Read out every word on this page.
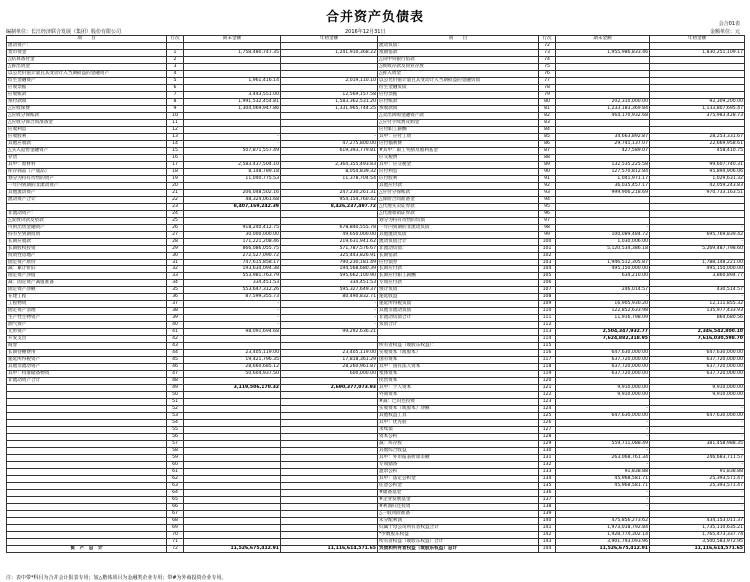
合并资产负债表	会合01表
编制单位：长江经济联合发展（集团）股份有限公司	2016年12月31日	金额单位：元
项　　目	行次	期末金额	年初金额	项　　目	行次	期末金额	年初金额
流动资产：				流动负债：	72		
货币资金	1	1,758,480,747.35	1,241,910,368.22	短期借款	73	1,955,986,833.46	1,830,251,109.17
△结算备付金	2			△向中央银行借款	74		
△拆出资金	3			△吸收存款及同业存放	75		
以公允价值计量且其变动计入当期损益的金融资产	4			△拆入资金	76		
衍生金融资产	5	1,961,416.14	2,019,110.10	以公允价值计量且其变动计入当期损益的金融负债	77		
应收票据	6			衍生金融负债	78		
应收账款	7	3,443,551.00	12,569,157.58	应付票据	79		
预付款项	8	1,991,532,454.81	1,583,362,531.20	应付账款	80	202,310,000.00	92,309,200.00
△应收保费	9	1,304,069,947.86	1,331,965,744.25	预收款项	81	1,233,183,369.84	1,133,807,695.47
△应收分保账款	10			△卖出回购金融资产款	82	464,170,932.68	375,983,428.73
△应收分保合同准备金	11			△应付手续费及佣金	83		
应收利息	12			应付职工薪酬	84		
应收股利	13	-	-	其中：应付工资	85	34,663,892.87	28,253,331.67
其他应收款	14	-	47,275,800.00	应付福利费	86	29,741,137.07	22,669,958.61
△买入返售金融资产	15	507,871,557.49	619,393,779.81	#其中：职工奖励及福利基金	87	427,589.07	458,410.75
存货	16			应交税费	88		
其中：原材料	17	2,583,437,504.10	2,364,355,493.83	其中：应交税金	89	132,535,225.58	99,607,740.31
库存商品（产成品）	18	8,148,789.18	8,054,839.32	应付利息	90	127,570,812.84	95,894,906.06
划分为持有待售的资产	19	11,040,775.53	11,378,704.54	应付股利	91	1,041,971.17	1,029,631.32
一年内到期的非流动资产	20			其他应付款	92	36,035,457.17	42,059,243.83
其他流动资产	21	206,048,502.16	247,230,261.31	△应付分保账款	93	999,906,218.69	970,733,163.51
流动资产合计	22	48,324,061.68	954,154,760.42	△保险合同准备金	94		
	23	8,407,169,242.39	8,426,237,497.72	△代理买卖证券款	95		
非流动资产：	24			△代理承销证券款	96		
△发放贷款及垫款	25			划分为持有待售的负债	97		
可供出售金融资产	26	918,240,412.75	678,840,555.78	一年内到期的非流动负债	98	-	-
持有至到期投资	27	30,000,000.00	49,650,000.00	其他流动负债	99	100,089,484.72	695,769,839.42
长期应收款	28	171,221,208.46	219,631,941.62	流动负债合计	100	1,030,006.00	-
长期股权投资	29	866,086,055.75	571,787,576.67	非流动负债：	101	5,120,534,386.18	5,269,487,798.60
投资性房地产	30	272,527,090.72	325,443,826.91	长期借款	102		
固定资产原价	31	747,615,858.17	790,230,181.49	应付债券	103	1,946,512,305.87	1,788,148,221.00
减：累计折旧	32	193,634,094.38	194,568,680.39	长期应付款	104	495,150,000.00	495,150,000.00
固定资产净值	33	553,981,763.79	595,662,100.90	长期应付职工薪酬	105	634,210.00	3,860,894.77
减：固定资产减值准备	34	334,451.53	334,451.53	专项应付款	106		
固定资产净额	35	553,647,312.26	595,327,649.37	预计负债	107	246,014.57	430,514.57
在建工程	36	87,599,355.73	80,490,832.71	递延收益	108	-	-
工程物资	37	-	-	递延所得税负债	109	16,905,930.20	12,111,855.32
固定资产清理	38	-	-	其他非流动负债	110	122,852,633.98	135,977,433.93
生产性生物资产	39	-	-	非流动负债合计	111	11,916,798.09	864,680.56
油气资产	40	-	-	负债合计	112		
无形资产	41	98,091,694.68	99,292,636.21		113	2,504,347,932.77	2,346,542,800.10
开发支出	42				114	7,624,882,318.95	7,616,030,598.70
商誉	43			所有者权益（或股东权益）：	115		
长期待摊费用	44	23,405,119.00	23,405,119.00	实收资本（或股本）	116	647,630,000.00	647,630,000.00
递延所得税资产	45	19,421,796.35	17,818,361.29	国有资本	117	637,720,000.00	637,720,000.00
其他非流动资产	46	28,660,685.12	28,260,961.87	其中：国有法人资本	118	637,720,000.00	637,720,000.00
其中：特准储备物资	47	50,604,937.50	600,000.00	集体资本	119	637,720,000.00	637,720,000.00
非流动资产合计	48			民营资本	120		
	49	3,119,506,170.32	2,690,377,073.93	其中：个人资本	121	9,910,000.00	9,910,000.00
	50			外商资本	122	9,910,000.00	9,910,000.00
	51			#减：已归还投资	123		
	52			实收资本（或股本）净额	124	-	-
	53			其他权益工具	125	647,630,000.00	647,630,000.00
	54			其中：优先股	126	-	-
	55			永续债	127	-	-
	56			资本公积	128	-	-
	57			减：库存股	129	559,711,088.49	381,458,988.35
	58			其他综合收益	130	-	-
	59			其中：外币报表折算差额	131	263,068,761.34	246,683,711.57
	60			专项储备	132	-	-
	61			盈余公积	133	91,838.88	91,838.88
	62			其中：法定公积金	134	45,968,581.71	25,393,571.47
	63			任意公积金	135	45,968,581.71	25,393,571.47
	64			#储备基金	136	-	-
	65			#企业发展基金	137	-	-
	66			#利润归还投资	138	-	-
	67			△一般风险准备	139		
	68			未分配利润	140	475,856,273.62	434,153,011.37
	69			归属于母公司所有者权益合计	141	1,973,018,792.84	1,735,110,635.21
	70			*少数股东权益	142	1,928,774,302.14	1,765,473,337.74
	71			所有者权益（或股东权益）合计	143	3,901,793,093.96	3,500,583,972.95
资　产　总　计	72	11,526,675,412.91	11,116,614,571.65	负债和所有者权益（或股东权益）总计	144	11,526,675,412.91	11,116,614,571.65
注：表中带*科目为合并会计报表专用；加△楷体项目为金融类企业专用；带#为外商投资企业专用。
